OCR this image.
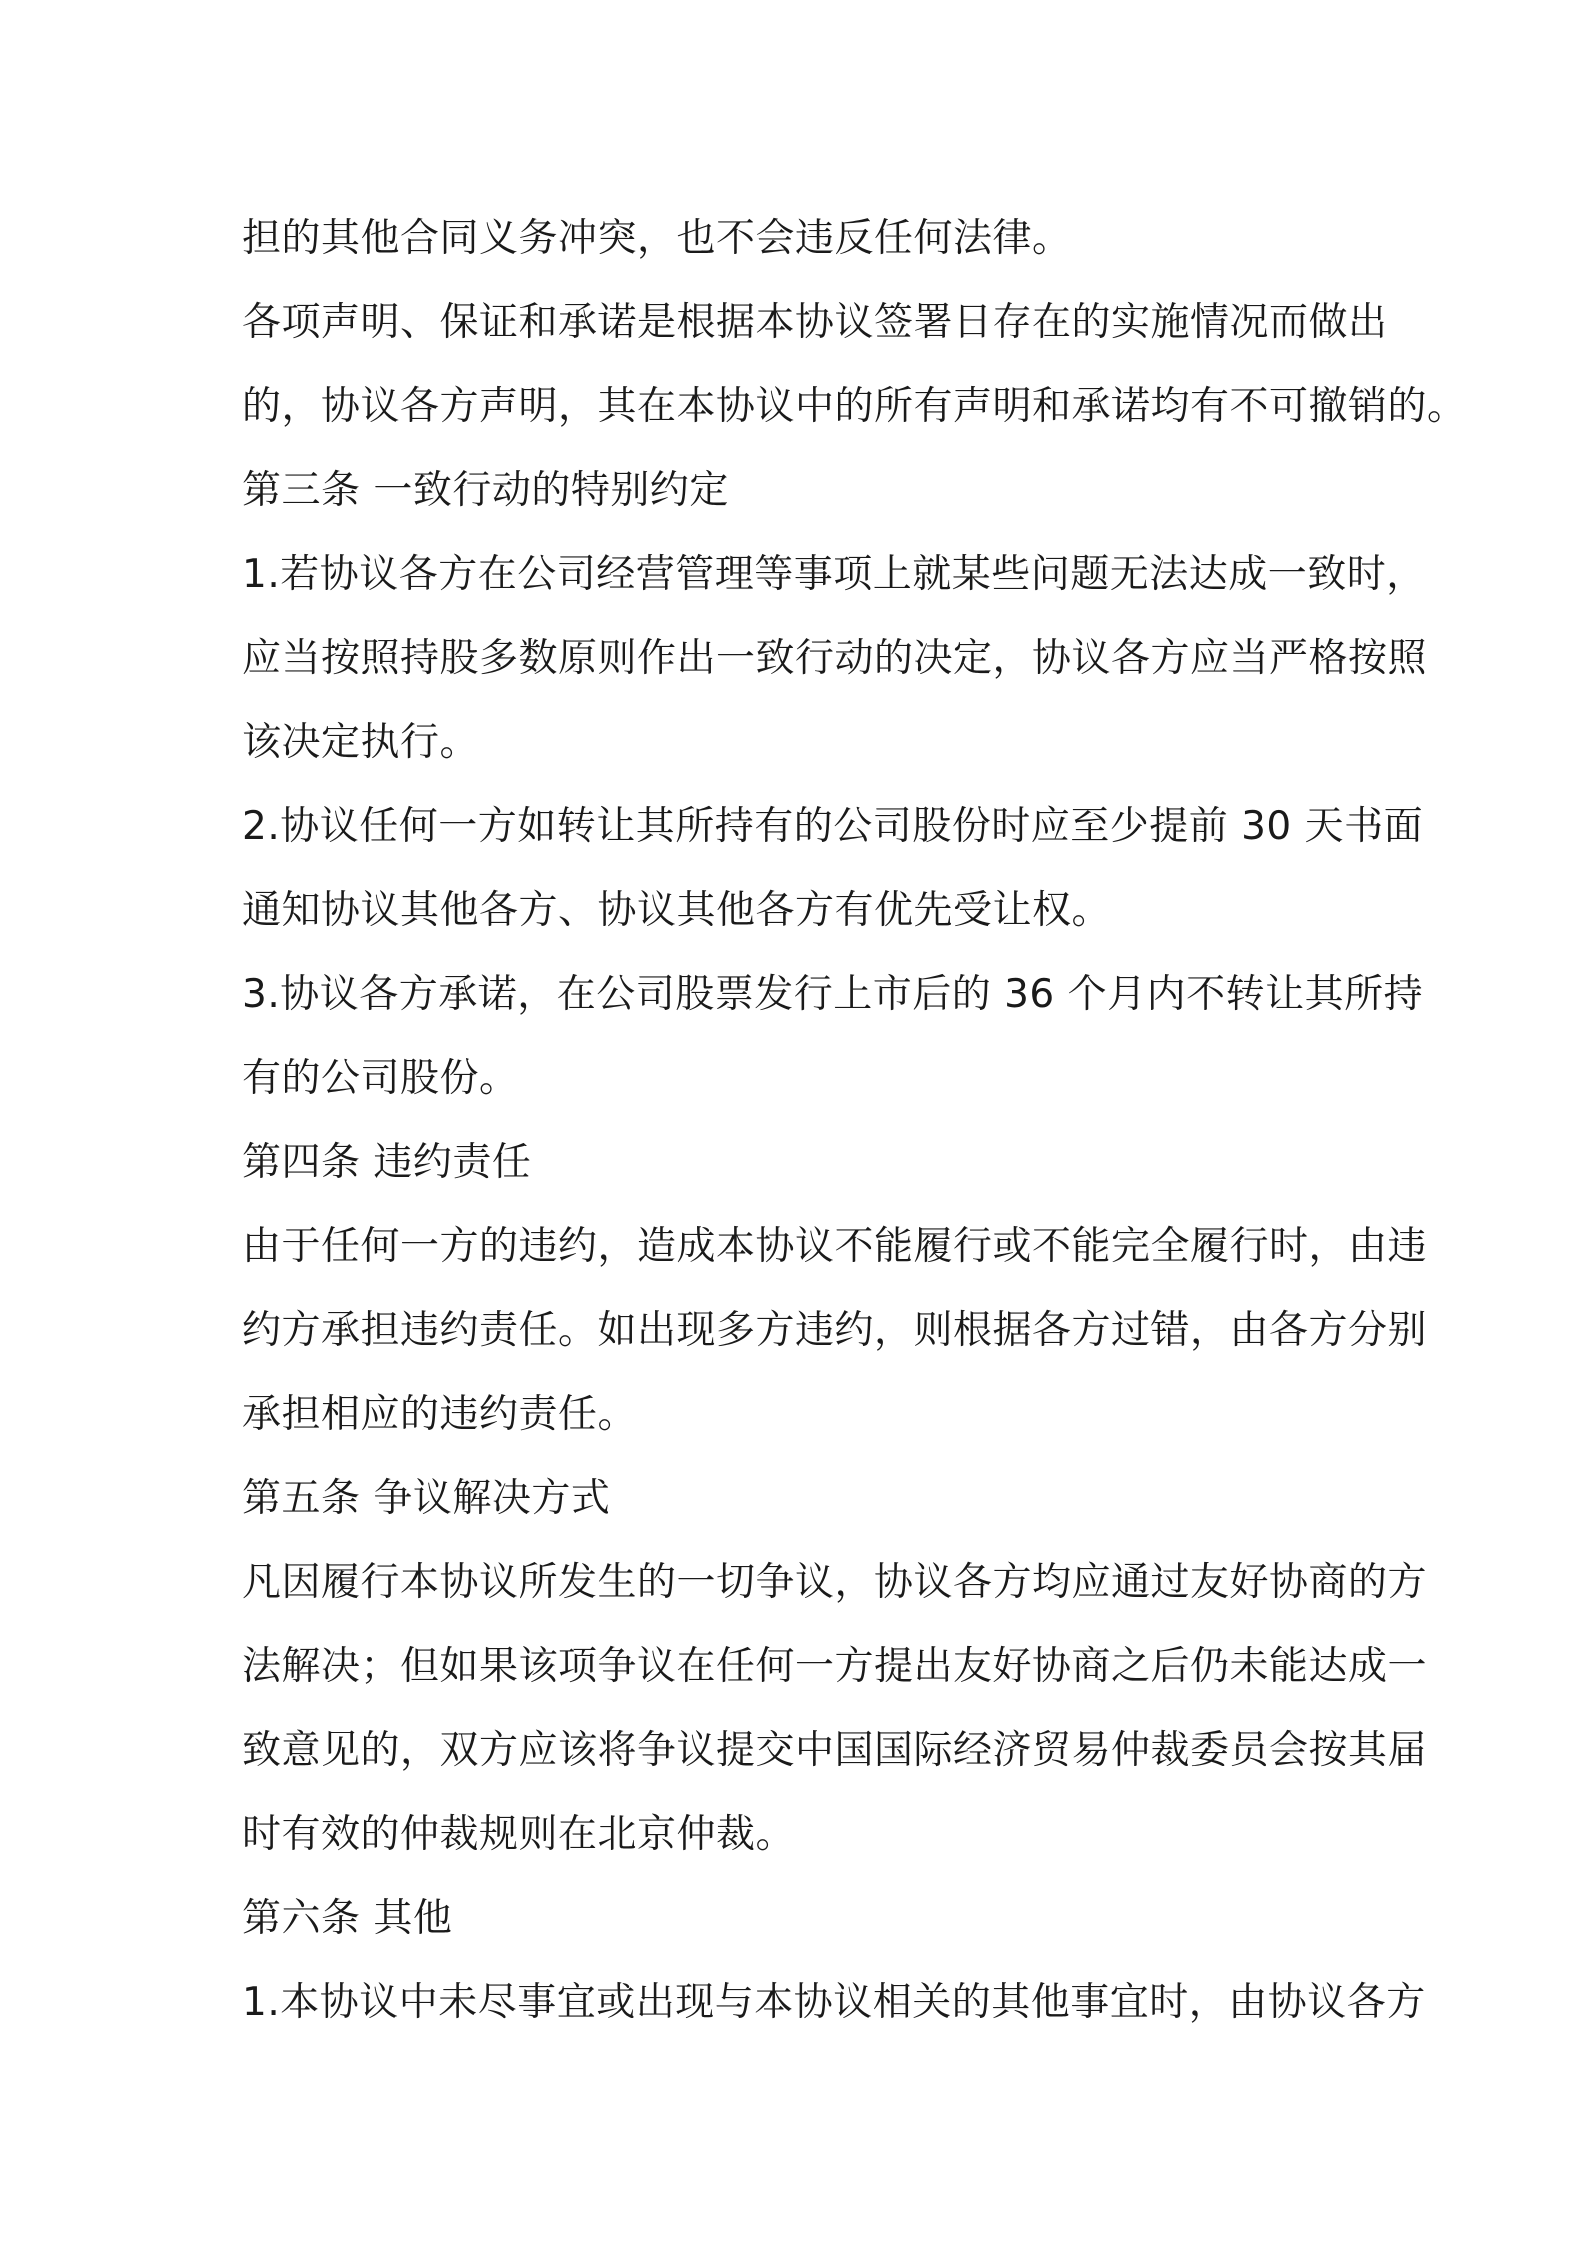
担的其他合同义务冲突，也不会违反任何法律。
各项声明、保证和承诺是根据本协议签署日存在的实施情况而做出
的，协议各方声明，其在本协议中的所有声明和承诺均有不可撤销的。
第三条 一致行动的特别约定
1.若协议各方在公司经营管理等事项上就某些问题无法达成一致时，
应当按照持股多数原则作出一致行动的决定，协议各方应当严格按照
该决定执行。
2.协议任何一方如转让其所持有的公司股份时应至少提前 30 天书面
通知协议其他各方、协议其他各方有优先受让权。
3.协议各方承诺，在公司股票发行上市后的 36 个月内不转让其所持
有的公司股份。
第四条 违约责任
由于任何一方的违约，造成本协议不能履行或不能完全履行时，由违
约方承担违约责任。如出现多方违约，则根据各方过错，由各方分别
承担相应的违约责任。
第五条 争议解决方式
凡因履行本协议所发生的一切争议，协议各方均应通过友好协商的方
法解决；但如果该项争议在任何一方提出友好协商之后仍未能达成一
致意见的，双方应该将争议提交中国国际经济贸易仲裁委员会按其届
时有效的仲裁规则在北京仲裁。
第六条 其他
1.本协议中未尽事宜或出现与本协议相关的其他事宜时，由协议各方
